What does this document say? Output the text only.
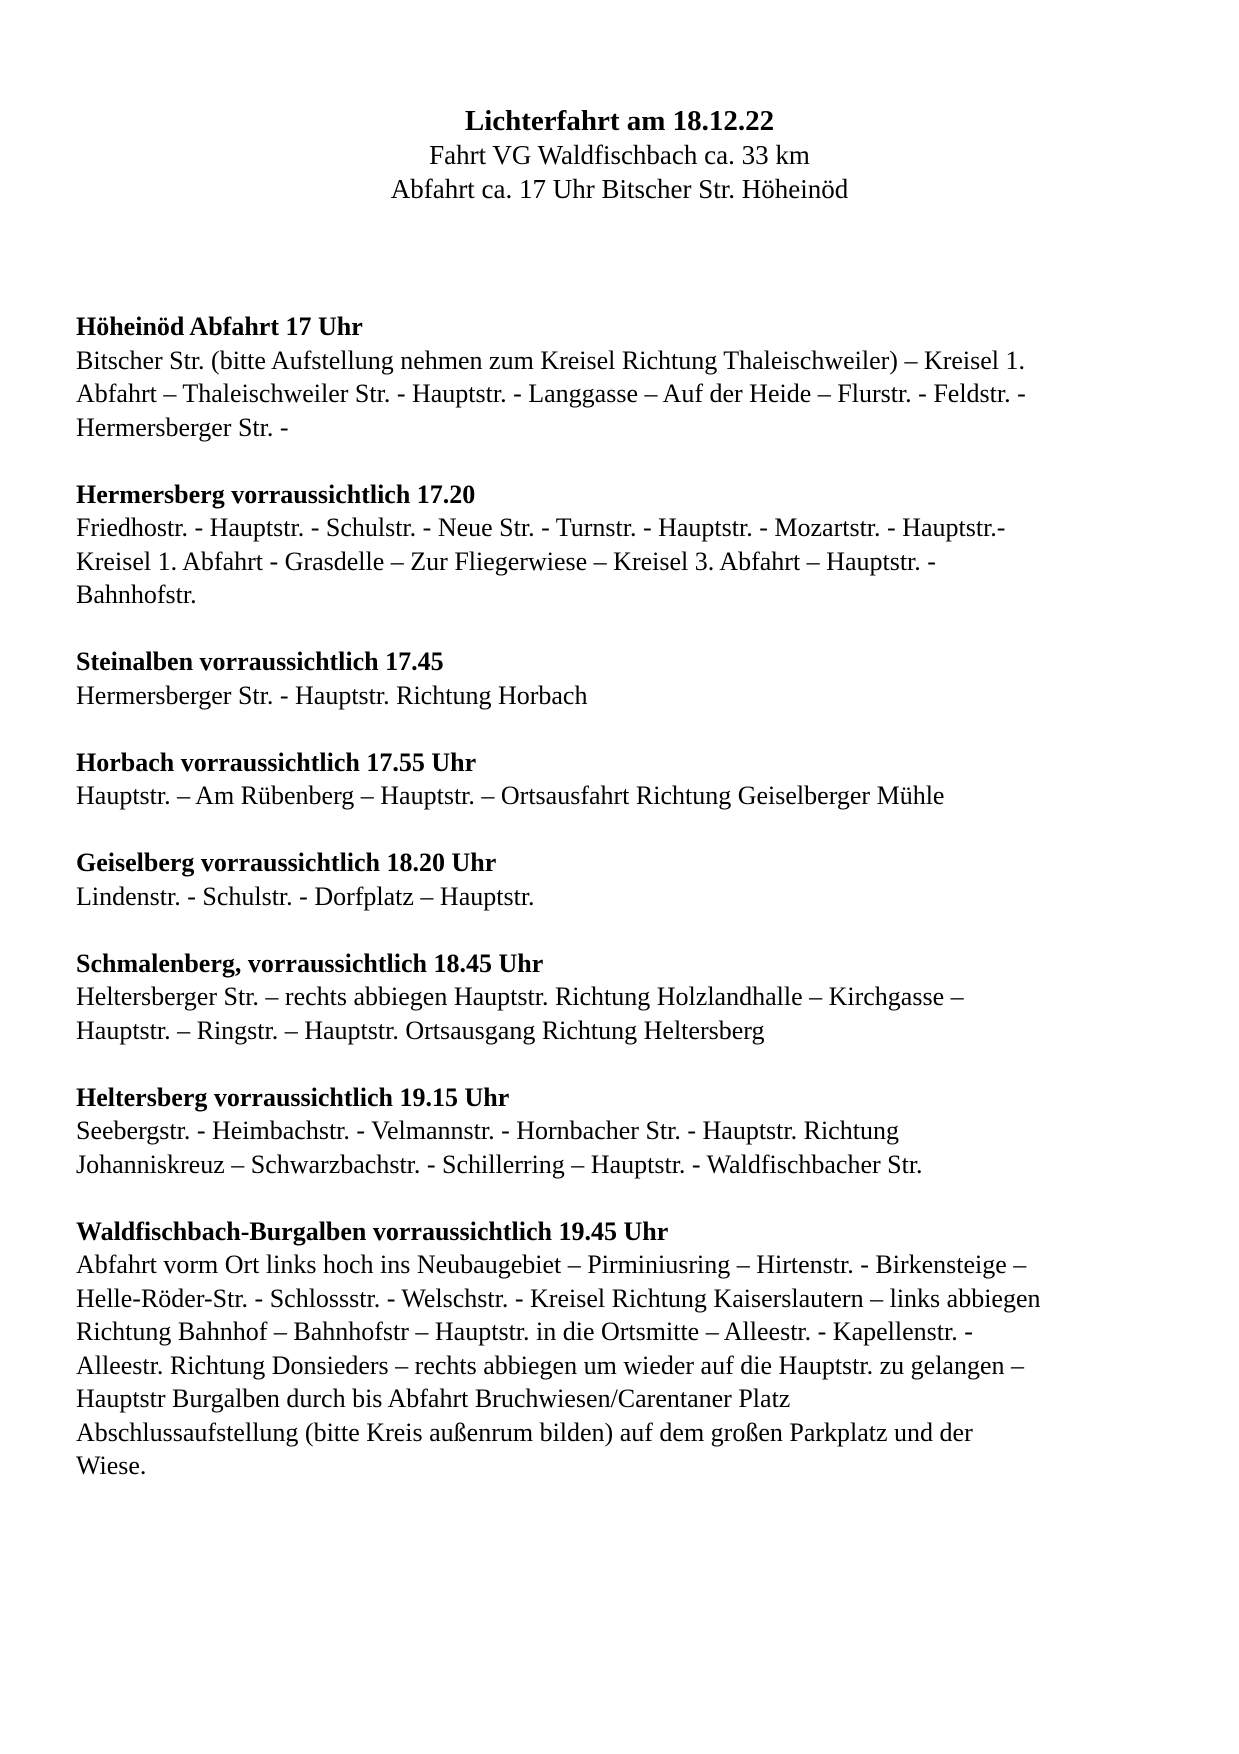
Lichterfahrt am 18.12.22
Fahrt VG Waldfischbach ca. 33 km
Abfahrt ca. 17 Uhr Bitscher Str. Höheinöd
Höheinöd Abfahrt 17 Uhr
Bitscher Str. (bitte Aufstellung nehmen zum Kreisel Richtung Thaleischweiler) – Kreisel 1.
Abfahrt – Thaleischweiler Str. - Hauptstr. - Langgasse – Auf der Heide – Flurstr. - Feldstr. -
Hermersberger Str. -
Hermersberg vorraussichtlich 17.20
Friedhostr. - Hauptstr. - Schulstr. - Neue Str. - Turnstr. - Hauptstr. - Mozartstr. - Hauptstr.-
Kreisel 1. Abfahrt - Grasdelle – Zur Fliegerwiese – Kreisel 3. Abfahrt – Hauptstr. -
Bahnhofstr.
Steinalben vorraussichtlich 17.45
Hermersberger Str. - Hauptstr. Richtung Horbach
Horbach vorraussichtlich 17.55 Uhr
Hauptstr. – Am Rübenberg – Hauptstr. – Ortsausfahrt Richtung Geiselberger Mühle
Geiselberg vorraussichtlich 18.20 Uhr
Lindenstr. - Schulstr. - Dorfplatz – Hauptstr.
Schmalenberg, vorraussichtlich 18.45 Uhr
Heltersberger Str. – rechts abbiegen Hauptstr. Richtung Holzlandhalle – Kirchgasse –
Hauptstr. – Ringstr. – Hauptstr. Ortsausgang Richtung Heltersberg
Heltersberg vorraussichtlich 19.15 Uhr
Seebergstr. - Heimbachstr. - Velmannstr. - Hornbacher Str. - Hauptstr. Richtung
Johanniskreuz – Schwarzbachstr. - Schillerring – Hauptstr. - Waldfischbacher Str.
Waldfischbach-Burgalben vorraussichtlich 19.45 Uhr
Abfahrt vorm Ort links hoch ins Neubaugebiet – Pirminiusring – Hirtenstr. - Birkensteige –
Helle-Röder-Str. - Schlossstr. - Welschstr. - Kreisel Richtung Kaiserslautern – links abbiegen
Richtung Bahnhof – Bahnhofstr – Hauptstr. in die Ortsmitte – Alleestr. - Kapellenstr. -
Alleestr. Richtung Donsieders – rechts abbiegen um wieder auf die Hauptstr. zu gelangen –
Hauptstr Burgalben durch bis Abfahrt Bruchwiesen/Carentaner Platz
Abschlussaufstellung (bitte Kreis außenrum bilden) auf dem großen Parkplatz und der
Wiese.
